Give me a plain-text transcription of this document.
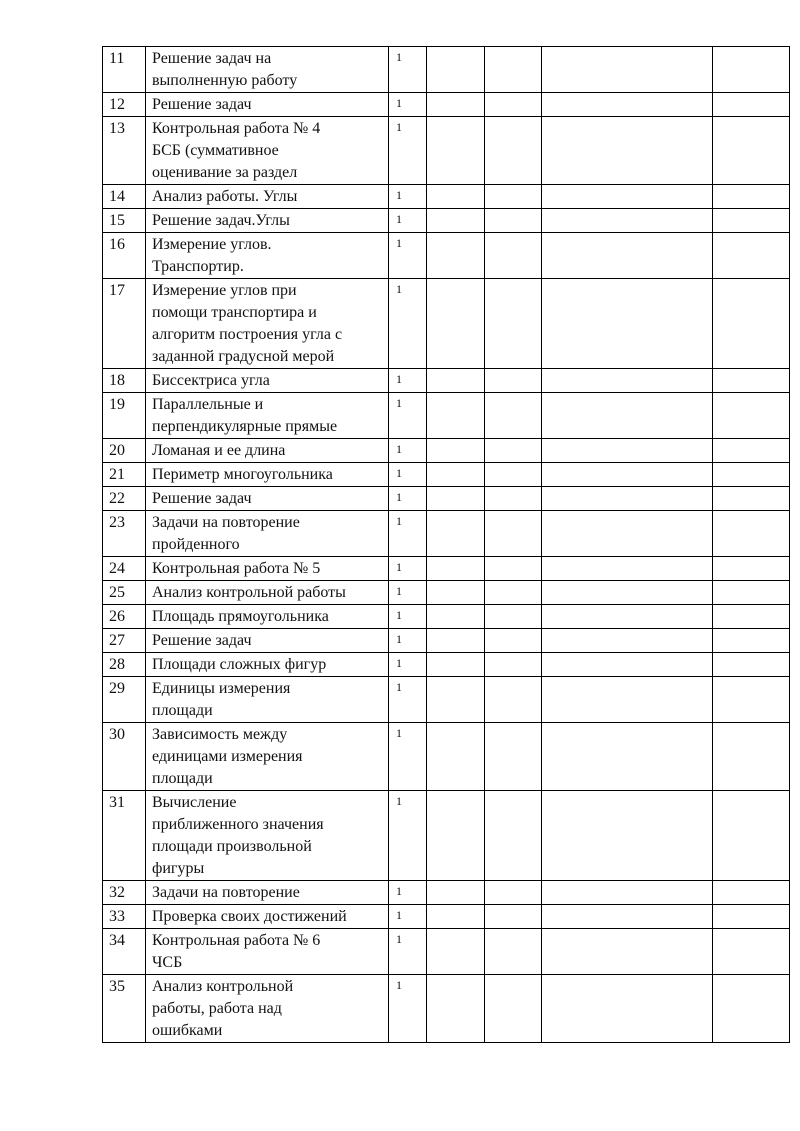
11	Решение задач на
выполненную работу	1				
12	Решение задач	1				
13	Контрольная работа № 4
БСБ (суммативное
оценивание за раздел	1				
14	Анализ работы. Углы	1				
15	Решение задач.Углы	1				
16	Измерение углов.
Транспортир.	1				
17	Измерение углов при
помощи транспортира и
алгоритм построения угла с
заданной градусной мерой	1				
18	Биссектриса угла	1				
19	Параллельные и
перпендикулярные прямые	1				
20	Ломаная и ее длина	1				
21	Периметр многоугольника	1				
22	Решение задач	1				
23	Задачи на повторение
пройденного	1				
24	Контрольная работа № 5	1				
25	Анализ контрольной работы	1				
26	Площадь прямоугольника	1				
27	Решение задач	1				
28	Площади сложных фигур	1				
29	Единицы измерения
площади	1				
30	Зависимость между
единицами измерения
площади	1				
31	Вычисление
приближенного значения
площади произвольной
фигуры	1				
32	Задачи на повторение	1				
33	Проверка своих достижений	1				
34	Контрольная работа № 6
ЧСБ	1				
35	Анализ контрольной
работы, работа над
ошибками	1				
